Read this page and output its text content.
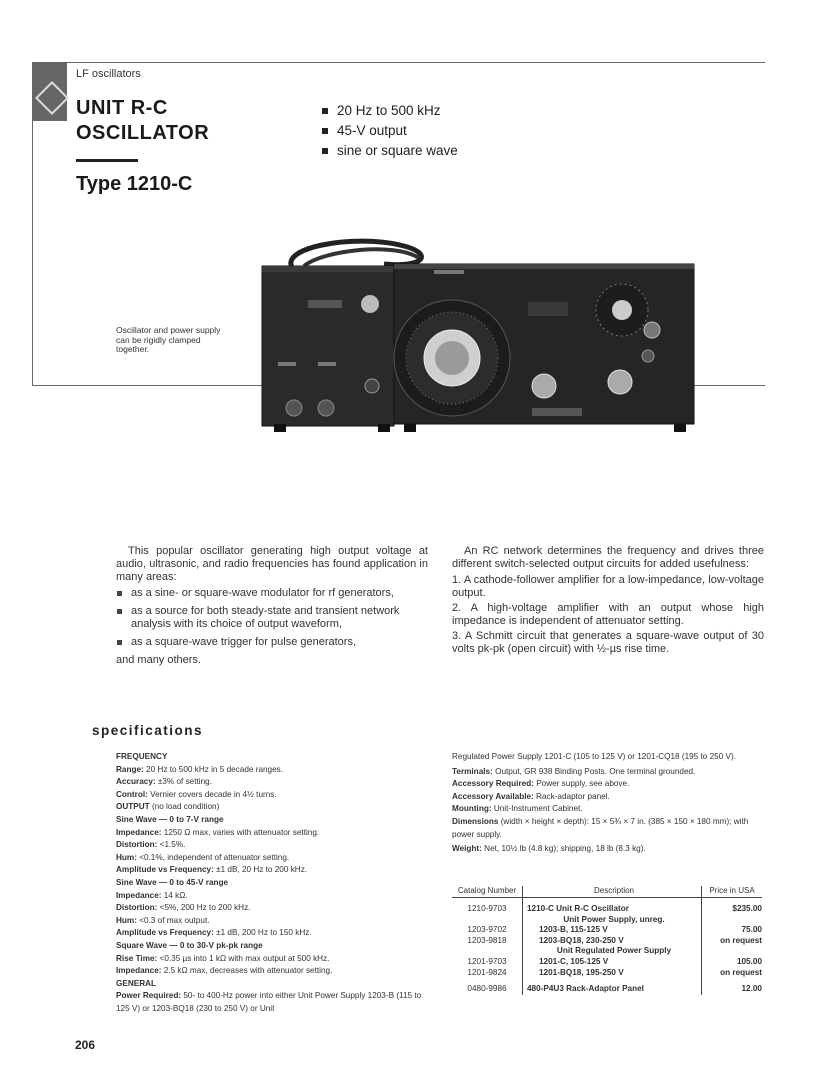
LF oscillators
UNIT R-C
OSCILLATOR
Type 1210-C
20 Hz to 500 kHz
45-V output
sine or square wave
Oscillator and power supply can be rigidly clamped together.

This popular oscillator generating high output voltage at audio, ultrasonic, and radio frequencies has found application in many areas:

as a sine- or square-wave modulator for rf generators,
as a source for both steady-state and transient network analysis with its choice of output waveform,
as a square-wave trigger for pulse generators,

and many others.

An RC network determines the frequency and drives three different switch-selected output circuits for added usefulness:

1. A cathode-follower amplifier for a low-impedance, low-voltage output.

2. A high-voltage amplifier with an output whose high impedance is independent of attenuator setting.

3. A Schmitt circuit that generates a square-wave output of 30 volts pk-pk (open circuit) with ½-µs rise time.

specifications
FREQUENCY
Range: 20 Hz to 500 kHz in 5 decade ranges.
Accuracy: ±3% of setting.
Control: Vernier covers decade in 4½ turns.
OUTPUT (no load condition)
Sine Wave — 0 to 7-V range
Impedance: 1250 Ω max, varies with attenuator setting.
Distortion: <1.5%.
Hum: <0.1%, independent of attenuator setting.
Amplitude vs Frequency: ±1 dB, 20 Hz to 200 kHz.
Sine Wave — 0 to 45-V range
Impedance: 14 kΩ.
Distortion: <5%, 200 Hz to 200 kHz.
Hum: <0.3 of max output.
Amplitude vs Frequency: ±1 dB, 200 Hz to 150 kHz.
Square Wave — 0 to 30-V pk-pk range
Rise Time: <0.35 µs into 1 kΩ with max output at 500 kHz.
Impedance: 2.5 kΩ max, decreases with attenuator setting.
GENERAL
Power Required: 50- to 400-Hz power into either Unit Power Supply 1203-B (115 to 125 V) or 1203-BQ18 (230 to 250 V) or Unit
Regulated Power Supply 1201-C (105 to 125 V) or 1201-CQ18 (195 to 250 V).
Terminals: Output, GR 938 Binding Posts. One terminal grounded.
Accessory Required: Power supply, see above.
Accessory Available: Rack-adaptor panel.
Mounting: Unit-Instrument Cabinet.
Dimensions (width × height × depth): 15 × 5¾ × 7 in. (385 × 150 × 180 mm); with power supply.
Weight: Net, 10½ lb (4.8 kg); shipping, 18 lb (8.3 kg).
Catalog Number	Description	Price in USA
1210-9703	1210-C Unit R-C Oscillator	$235.00
	Unit Power Supply, unreg.	
1203-9702	1203-B, 115-125 V	75.00
1203-9818	1203-BQ18, 230-250 V	on request
	Unit Regulated Power Supply	
1201-9703	1201-C, 105-125 V	105.00
1201-9824	1201-BQ18, 195-250 V	on request
0480-9986	480-P4U3 Rack-Adaptor Panel	12.00
206
